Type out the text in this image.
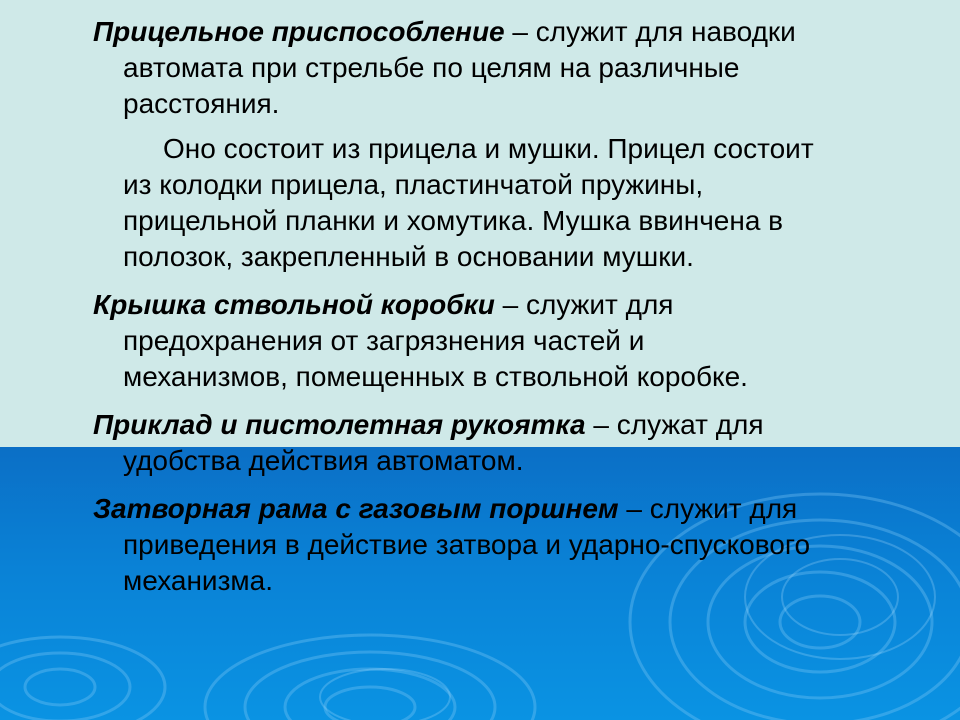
Прицельное приспособление – служит для наводки
автомата при стрельбе по целям на различные
расстояния.
Оно состоит из прицела и мушки. Прицел состоит
из колодки прицела, пластинчатой пружины,
прицельной планки и хомутика. Мушка ввинчена в
полозок, закрепленный в основании мушки.
Крышка ствольной коробки – служит для
предохранения от загрязнения частей и
механизмов, помещенных в ствольной коробке.
Приклад и пистолетная рукоятка – служат для
удобства действия автоматом.
Затворная рама с газовым поршнем – служит для
приведения в действие затвора и ударно-спускового
механизма.
